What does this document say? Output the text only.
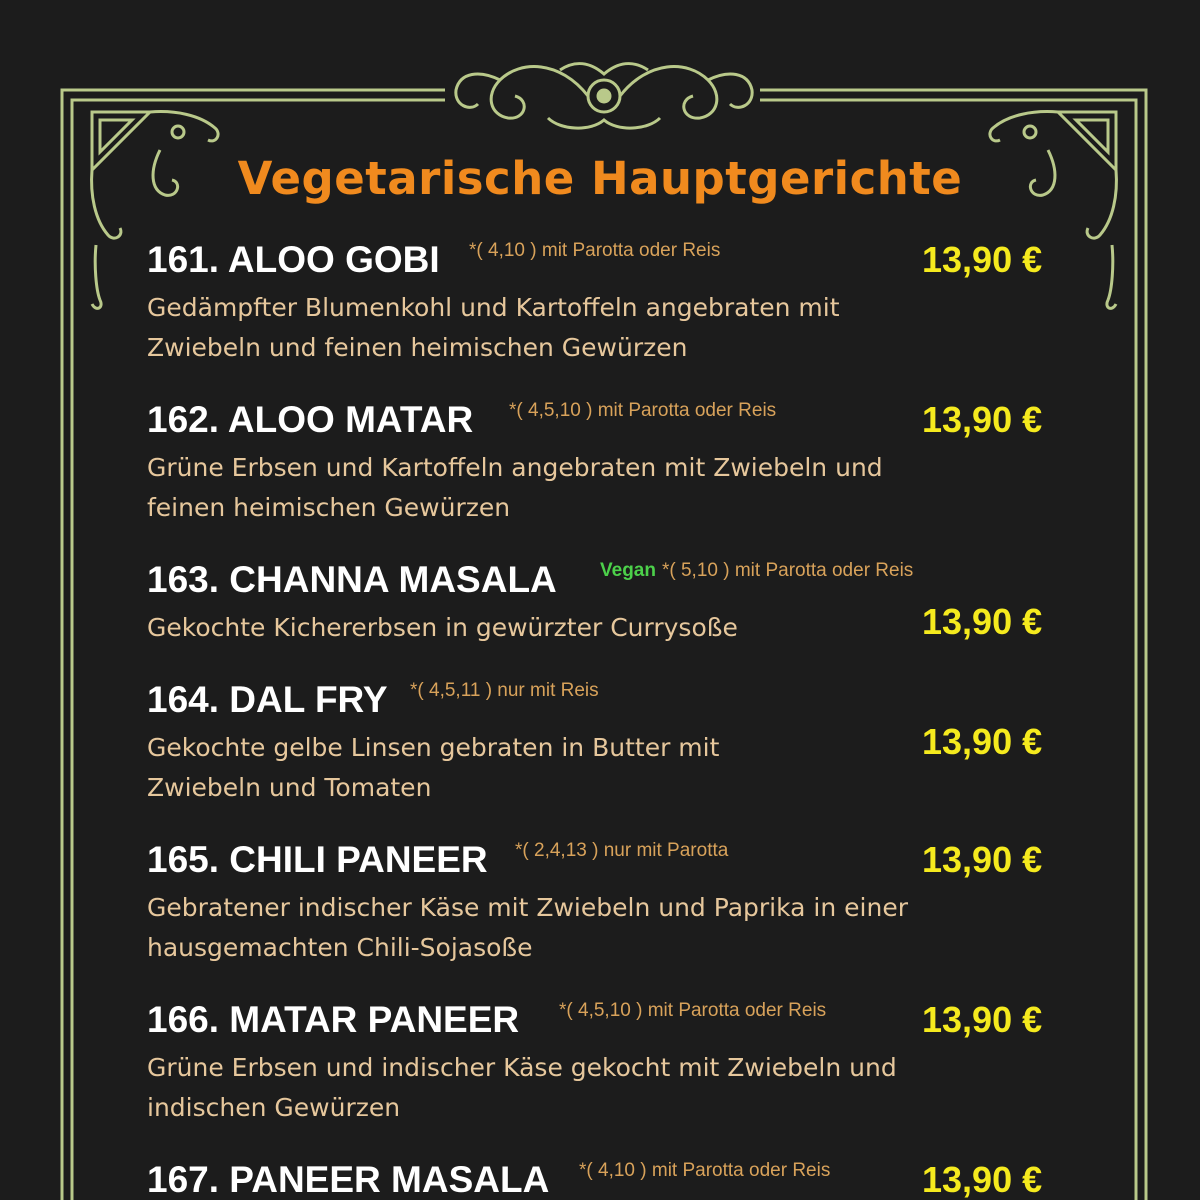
Vegetarische Hauptgerichte
161. ALOO GOBI *( 4,10 ) mit Parotta oder Reis	13,90 €
Gedämpfter Blumenkohl und Kartoffeln angebraten mit Zwiebeln und feinen heimischen Gewürzen
162. ALOO MATAR *( 4,5,10 ) mit Parotta oder Reis	13,90 €
Grüne Erbsen und Kartoffeln angebraten mit Zwiebeln und feinen heimischen Gewürzen
163. CHANNA MASALA Vegan *( 5,10 ) mit Parotta oder Reis
13,90 €
Gekochte Kichererbsen in gewürzter Currysoße
164. DAL FRY *( 4,5,11 ) nur mit Reis
13,90 €
Gekochte gelbe Linsen gebraten in Butter mit Zwiebeln und Tomaten
165. CHILI PANEER *( 2,4,13 ) nur mit Parotta	13,90 €
Gebratener indischer Käse mit Zwiebeln und Paprika in einer hausgemachten Chili-Sojasoße
166. MATAR PANEER *( 4,5,10 ) mit Parotta oder Reis	13,90 €
Grüne Erbsen und indischer Käse gekocht mit Zwiebeln und indischen Gewürzen
167. PANEER MASALA *( 4,10 ) mit Parotta oder Reis	13,90 €
